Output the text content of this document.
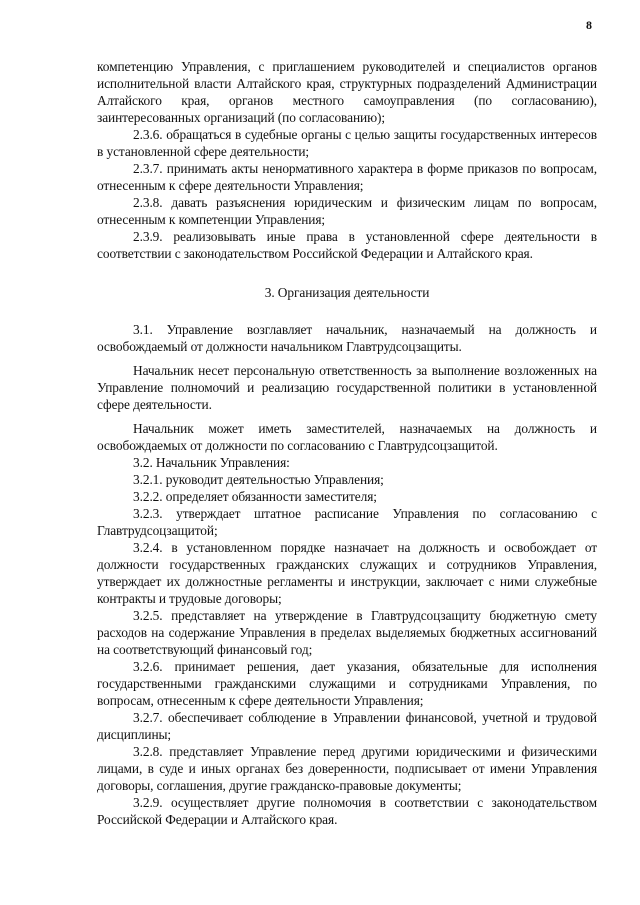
8

компетенцию Управления, с приглашением руководителей и специалистов органов исполнительной власти Алтайского края, структурных подразделений Администрации Алтайского края, органов местного самоуправления (по согласованию), заинтересованных организаций (по согласованию);

2.3.6. обращаться в судебные органы с целью защиты государственных интересов в установленной сфере деятельности;

2.3.7. принимать акты ненормативного характера в форме приказов по вопросам, отнесенным к сфере деятельности Управления;

2.3.8. давать разъяснения юридическим и физическим лицам по вопросам, отнесенным к компетенции Управления;

2.3.9. реализовывать иные права в установленной сфере деятельности в соответствии с законодательством Российской Федерации и Алтайского края.

3. Организация деятельности

3.1. Управление возглавляет начальник, назначаемый на должность и освобождаемый от должности начальником Главтрудсоцзащиты.

Начальник несет персональную ответственность за выполнение возложенных на Управление полномочий и реализацию государственной политики в установленной сфере деятельности.

Начальник может иметь заместителей, назначаемых на должность и освобождаемых от должности по согласованию с Главтрудсоцзащитой.

3.2. Начальник Управления:

3.2.1. руководит деятельностью Управления;

3.2.2. определяет обязанности заместителя;

3.2.3. утверждает штатное расписание Управления по согласованию с Главтрудсоцзащитой;

3.2.4. в установленном порядке назначает на должность и освобождает от должности государственных гражданских служащих и сотрудников Управления, утверждает их должностные регламенты и инструкции, заключает с ними служебные контракты и трудовые договоры;

3.2.5. представляет на утверждение в Главтрудсоцзащиту бюджетную смету расходов на содержание Управления в пределах выделяемых бюджетных ассигнований на соответствующий финансовый год;

3.2.6. принимает решения, дает указания, обязательные для исполнения государственными гражданскими служащими и сотрудниками Управления, по вопросам, отнесенным к сфере деятельности Управления;

3.2.7. обеспечивает соблюдение в Управлении финансовой, учетной и трудовой дисциплины;

3.2.8. представляет Управление перед другими юридическими и физическими лицами, в суде и иных органах без доверенности, подписывает от имени Управления договоры, соглашения, другие гражданско-правовые документы;

3.2.9. осуществляет другие полномочия в соответствии с законодательством Российской Федерации и Алтайского края.
